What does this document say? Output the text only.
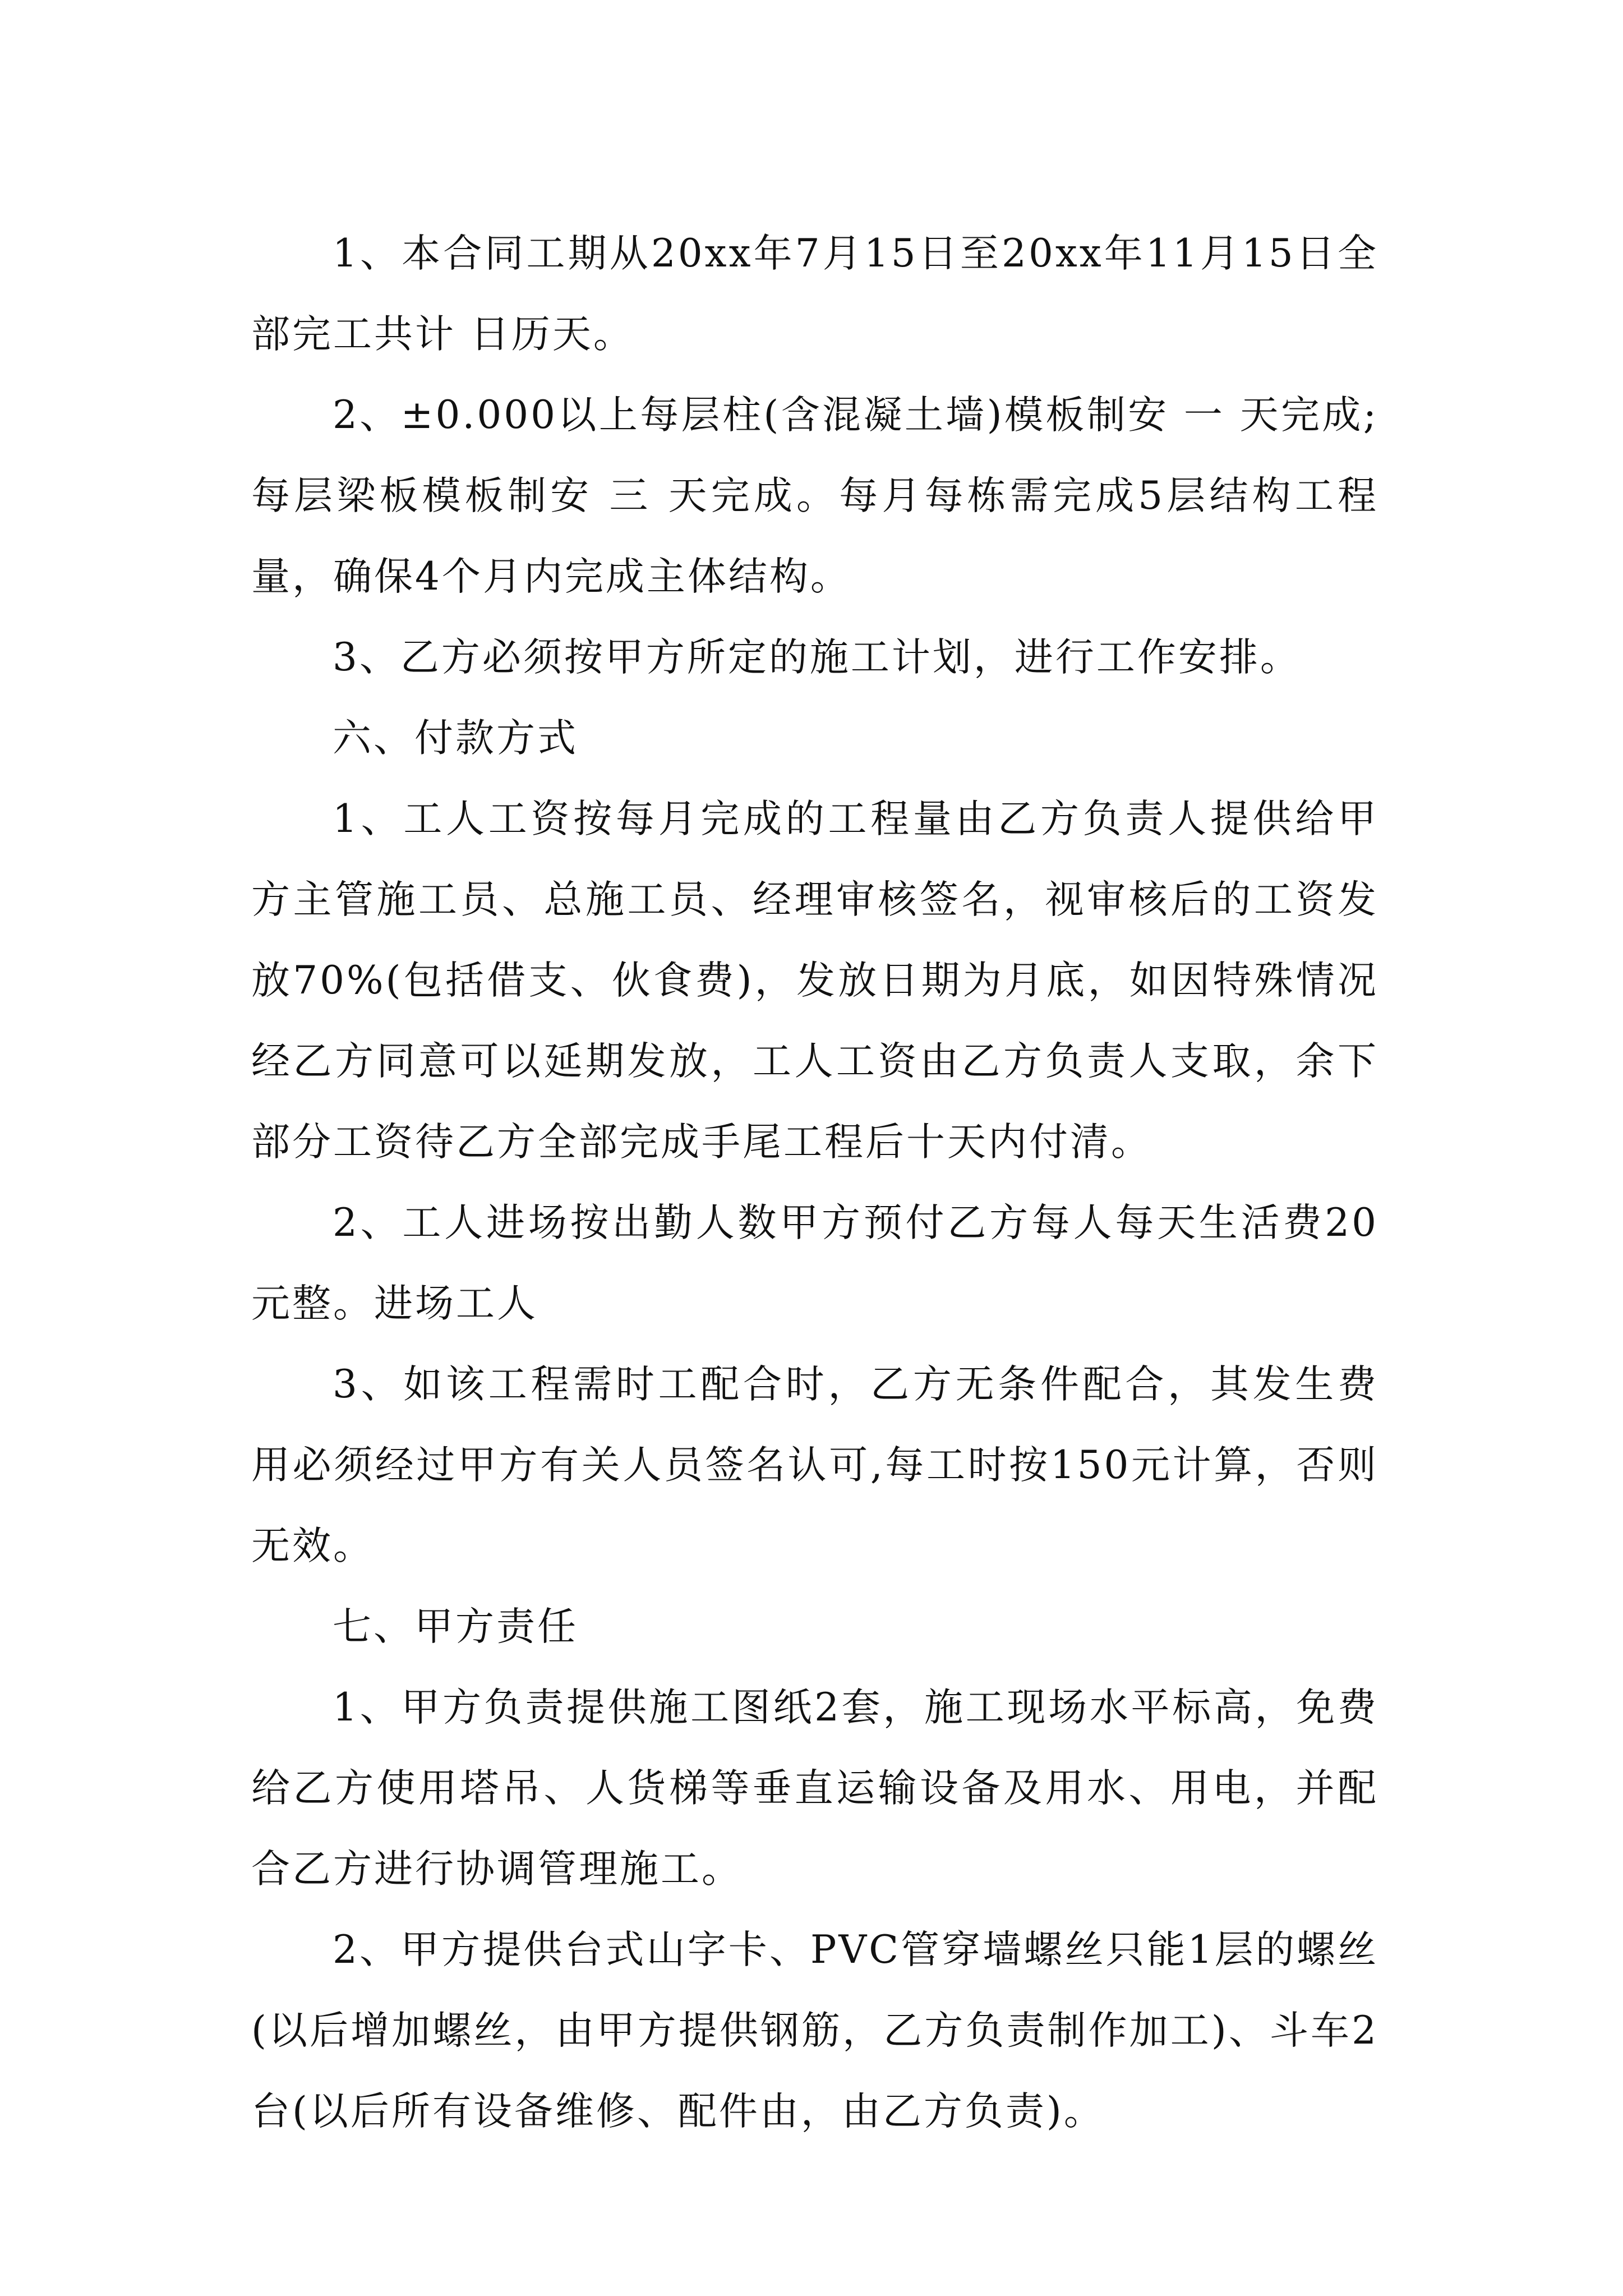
1、本合同工期从20xx年7月15日至20xx年11月15日全部完工共计 日历天。

2、±0.000以上每层柱(含混凝土墙)模板制安 一 天完成;每层梁板模板制安 三 天完成。每月每栋需完成5层结构工程量，确保4个月内完成主体结构。

3、乙方必须按甲方所定的施工计划，进行工作安排。

六、付款方式

1、工人工资按每月完成的工程量由乙方负责人提供给甲方主管施工员、总施工员、经理审核签名，视审核后的工资发放70%(包括借支、伙食费)，发放日期为月底，如因特殊情况经乙方同意可以延期发放，工人工资由乙方负责人支取，余下部分工资待乙方全部完成手尾工程后十天内付清。

2、工人进场按出勤人数甲方预付乙方每人每天生活费20元整。进场工人

3、如该工程需时工配合时，乙方无条件配合，其发生费用必须经过甲方有关人员签名认可,每工时按150元计算，否则无效。

七、甲方责任

1、甲方负责提供施工图纸2套，施工现场水平标高，免费给乙方使用塔吊、人货梯等垂直运输设备及用水、用电，并配合乙方进行协调管理施工。

2、甲方提供台式山字卡、PVC管穿墙螺丝只能1层的螺丝(以后增加螺丝，由甲方提供钢筋，乙方负责制作加工)、斗车2台(以后所有设备维修、配件由，由乙方负责)。
